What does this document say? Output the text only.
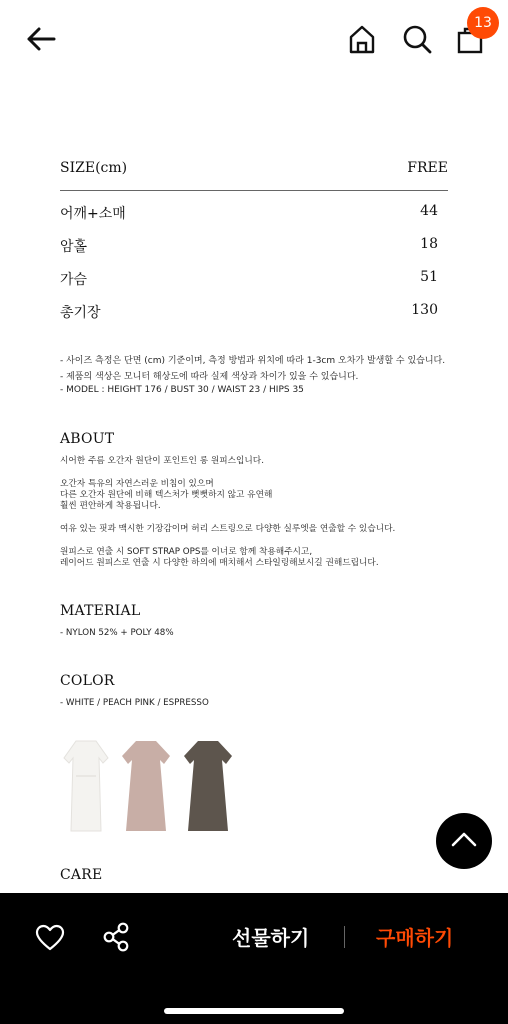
13
SIZE(cm)	FREE
어깨+소매	44
암홀	18
가슴	51
총기장	130
- 사이즈 측정은 단면 (cm) 기준이며, 측정 방법과 위치에 따라 1-3cm 오차가 발생할 수 있습니다.
- 제품의 색상은 모니터 해상도에 따라 실제 색상과 차이가 있을 수 있습니다.
- MODEL : HEIGHT 176 / BUST 30 / WAIST 23 / HIPS 35
ABOUT
시어한 주름 오간자 원단이 포인트인 롱 원피스입니다.
오간자 특유의 자연스러운 비침이 있으며
다른 오간자 원단에 비해 텍스처가 뻣뻣하지 않고 유연해
훨씬 편안하게 착용됩니다.
여유 있는 핏과 맥시한 기장감이며 허리 스트링으로 다양한 실루엣을 연출할 수 있습니다.
원피스로 연출 시 SOFT STRAP OPS를 이너로 함께 착용해주시고,
레이어드 원피스로 연출 시 다양한 하의에 매치해서 스타일링해보시길 권해드립니다.
MATERIAL
- NYLON 52% + POLY 48%
COLOR
- WHITE / PEACH PINK / ESPRESSO
CARE
선물하기	구매하기
